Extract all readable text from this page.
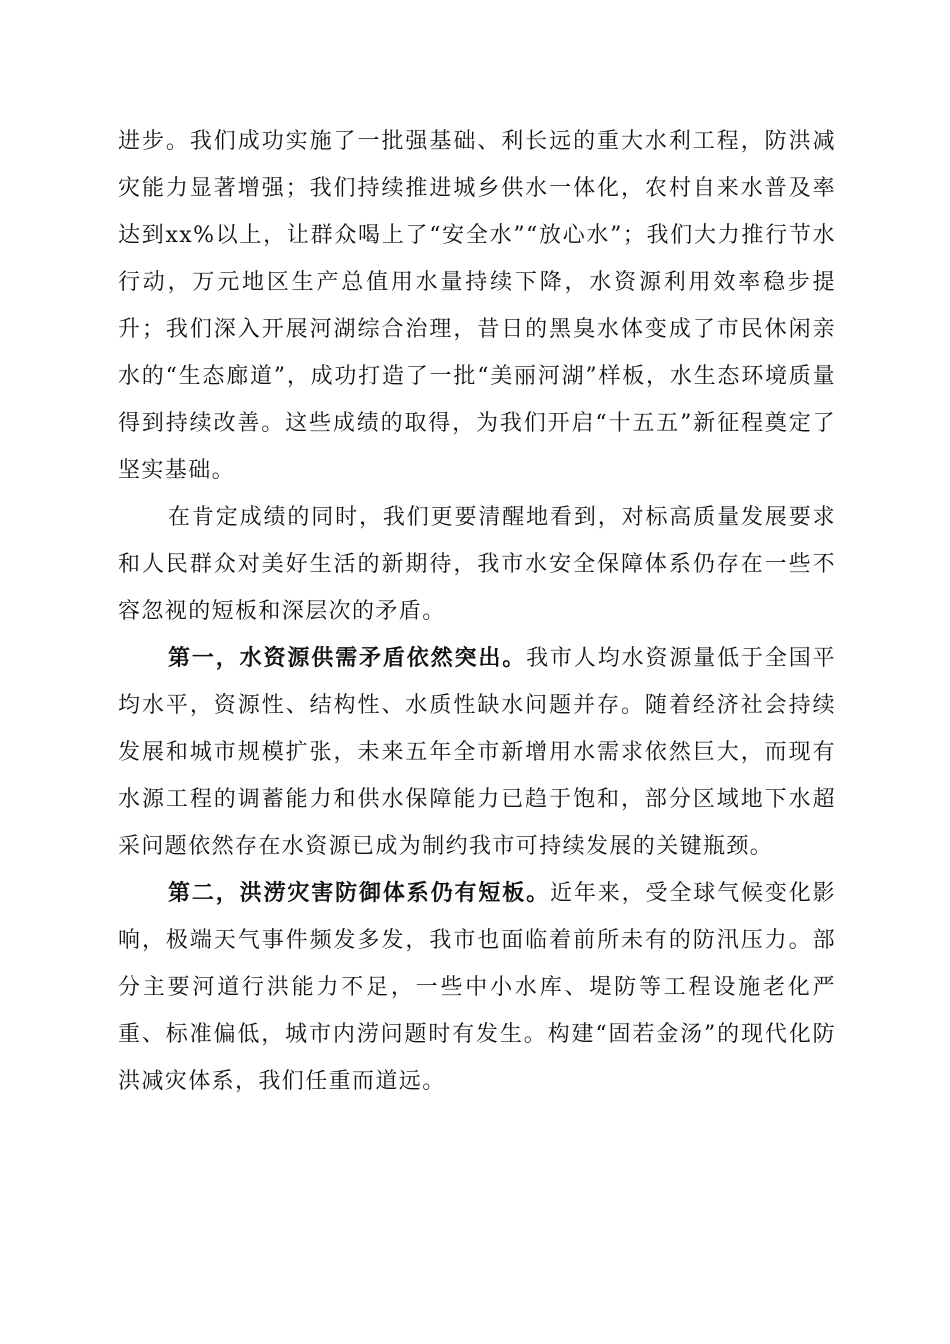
进步。我们成功实施了一批强基础、利长远的重大水利工程，防洪减灾能力显著增强；我们持续推进城乡供水一体化，农村自来水普及率达到xx%以上，让群众喝上了“安全水”“放心水”；我们大力推行节水行动，万元地区生产总值用水量持续下降，水资源利用效率稳步提升；我们深入开展河湖综合治理，昔日的黑臭水体变成了市民休闲亲水的“生态廊道”，成功打造了一批“美丽河湖”样板，水生态环境质量得到持续改善。这些成绩的取得，为我们开启“十五五”新征程奠定了坚实基础。

在肯定成绩的同时，我们更要清醒地看到，对标高质量发展要求和人民群众对美好生活的新期待，我市水安全保障体系仍存在一些不容忽视的短板和深层次的矛盾。

第一，水资源供需矛盾依然突出。我市人均水资源量低于全国平均水平，资源性、结构性、水质性缺水问题并存。随着经济社会持续发展和城市规模扩张，未来五年全市新增用水需求依然巨大，而现有水源工程的调蓄能力和供水保障能力已趋于饱和，部分区域地下水超采问题依然存在水资源已成为制约我市可持续发展的关键瓶颈。

第二，洪涝灾害防御体系仍有短板。近年来，受全球气候变化影响，极端天气事件频发多发，我市也面临着前所未有的防汛压力。部分主要河道行洪能力不足，一些中小水库、堤防等工程设施老化严重、标准偏低，城市内涝问题时有发生。构建“固若金汤”的现代化防洪减灾体系，我们任重而道远。
